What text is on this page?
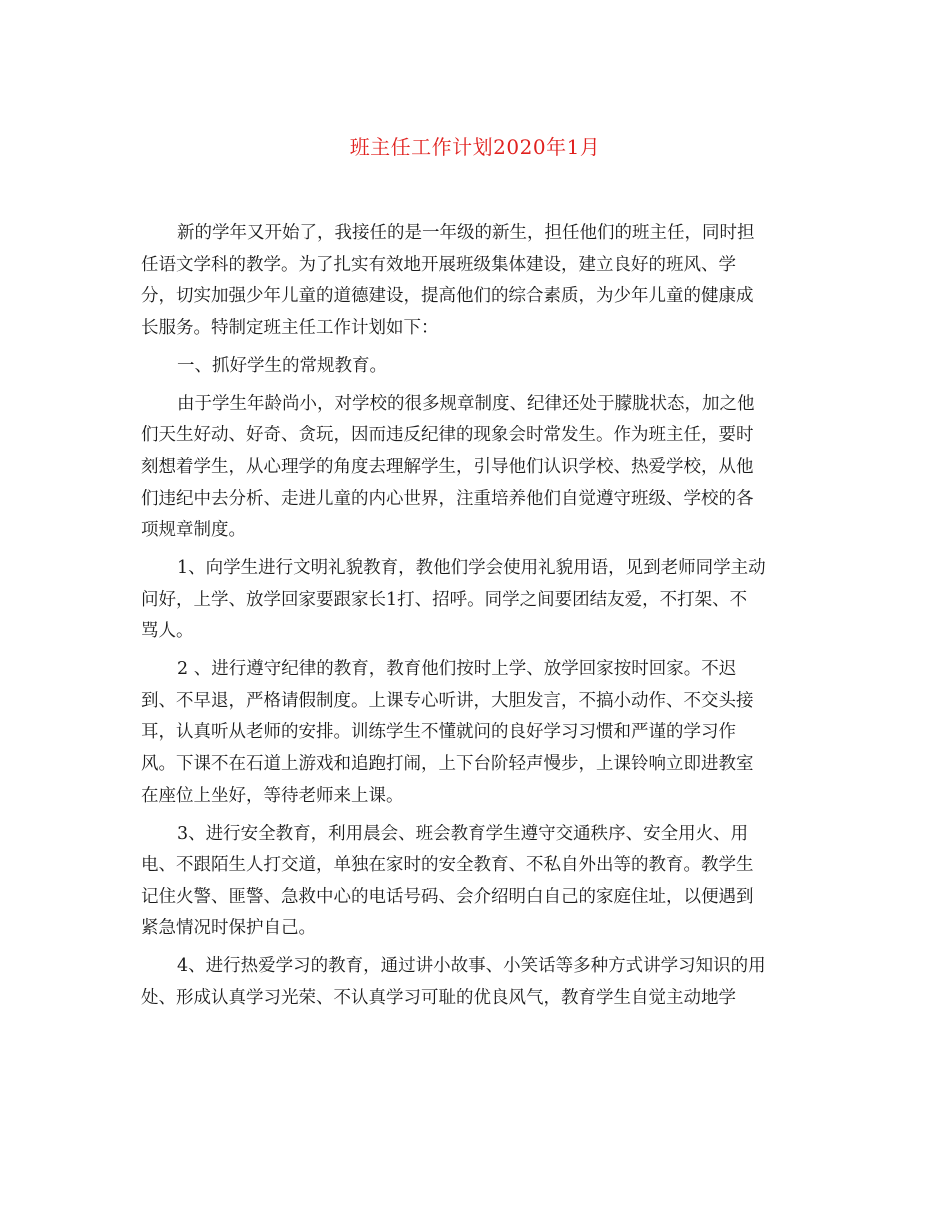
班主任工作计划2020年1月

新的学年又开始了，我接任的是一年级的新生，担任他们的班主任，同时担
任语文学科的教学。为了扎实有效地开展班级集体建设，建立良好的班风、学
分，切实加强少年儿童的道德建设，提高他们的综合素质，为少年儿童的健康成
长服务。特制定班主任工作计划如下：

一、抓好学生的常规教育。

由于学生年龄尚小，对学校的很多规章制度、纪律还处于朦胧状态，加之他
们天生好动、好奇、贪玩，因而违反纪律的现象会时常发生。作为班主任，要时
刻想着学生，从心理学的角度去理解学生，引导他们认识学校、热爱学校，从他
们违纪中去分析、走进儿童的内心世界，注重培养他们自觉遵守班级、学校的各
项规章制度。

1、向学生进行文明礼貌教育，教他们学会使用礼貌用语，见到老师同学主动
问好，上学、放学回家要跟家长1打、招呼。同学之间要团结友爱，不打架、不
骂人。

2 、进行遵守纪律的教育，教育他们按时上学、放学回家按时回家。不迟
到、不早退，严格请假制度。上课专心听讲，大胆发言，不搞小动作、不交头接
耳，认真听从老师的安排。训练学生不懂就问的良好学习习惯和严谨的学习作
风。下课不在石道上游戏和追跑打闹，上下台阶轻声慢步，上课铃响立即进教室
在座位上坐好，等待老师来上课。

3、进行安全教育，利用晨会、班会教育学生遵守交通秩序、安全用火、用
电、不跟陌生人打交道，单独在家时的安全教育、不私自外出等的教育。教学生
记住火警、匪警、急救中心的电话号码、会介绍明白自己的家庭住址，以便遇到
紧急情况时保护自己。

4、进行热爱学习的教育，通过讲小故事、小笑话等多种方式讲学习知识的用
处、形成认真学习光荣、不认真学习可耻的优良风气，教育学生自觉主动地学
